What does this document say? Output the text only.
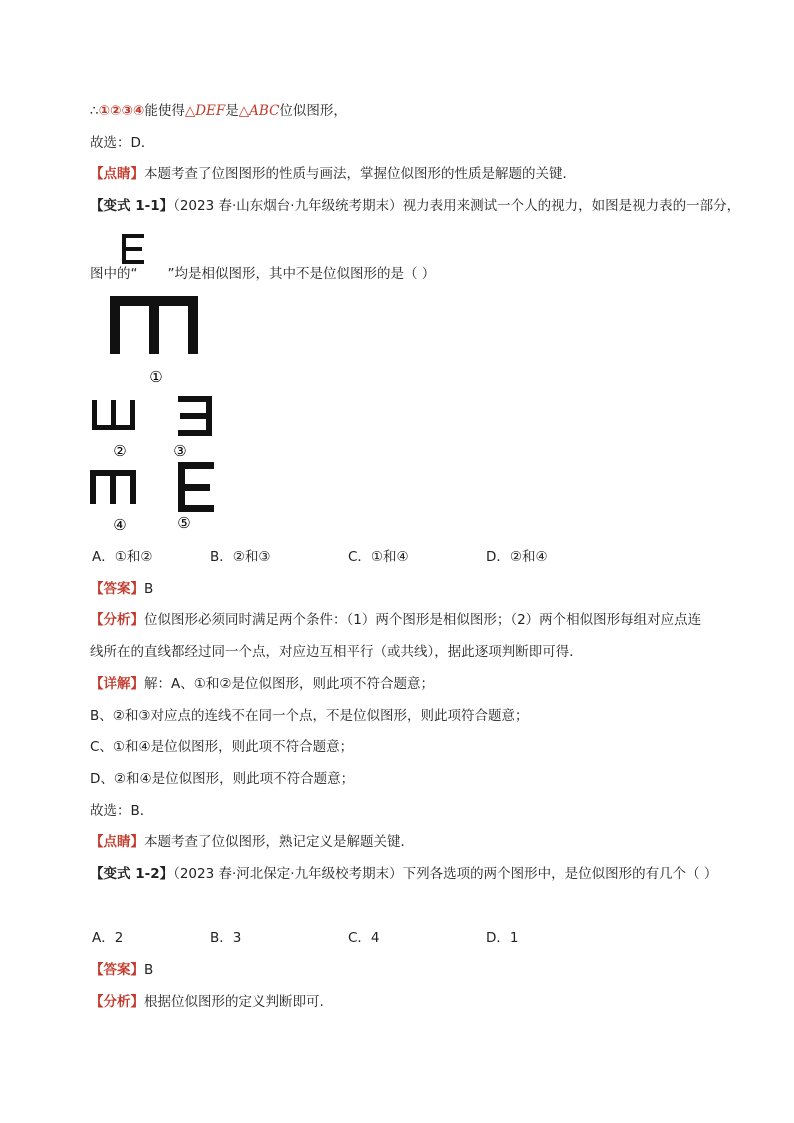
∴①②③④能使得△DEF是△ABC位似图形，
故选：D．
【点睛】本题考查了位图图形的性质与画法，掌握位似图形的性质是解题的关键．
【变式 1-1】（2023 春·山东烟台·九年级统考期末）视力表用来测试一个人的视力，如图是视力表的一部分，
图中的“ ”均是相似图形，其中不是位似图形的是（ ）
①
②	③
④	⑤
A．①和②	B．②和③	C．①和④	D．②和④
【答案】B
【分析】位似图形必须同时满足两个条件：（1）两个图形是相似图形；（2）两个相似图形每组对应点连
线所在的直线都经过同一个点，对应边互相平行（或共线），据此逐项判断即可得．
【详解】解：A、①和②是位似图形，则此项不符合题意；
B、②和③对应点的连线不在同一个点，不是位似图形，则此项符合题意；
C、①和④是位似图形，则此项不符合题意；
D、②和④是位似图形，则此项不符合题意；
故选：B．
【点睛】本题考查了位似图形，熟记定义是解题关键．
【变式 1-2】（2023 春·河北保定·九年级校考期末）下列各选项的两个图形中，是位似图形的有几个（ ）
A．2	B．3	C．4	D．1
【答案】B
【分析】根据位似图形的定义判断即可.
